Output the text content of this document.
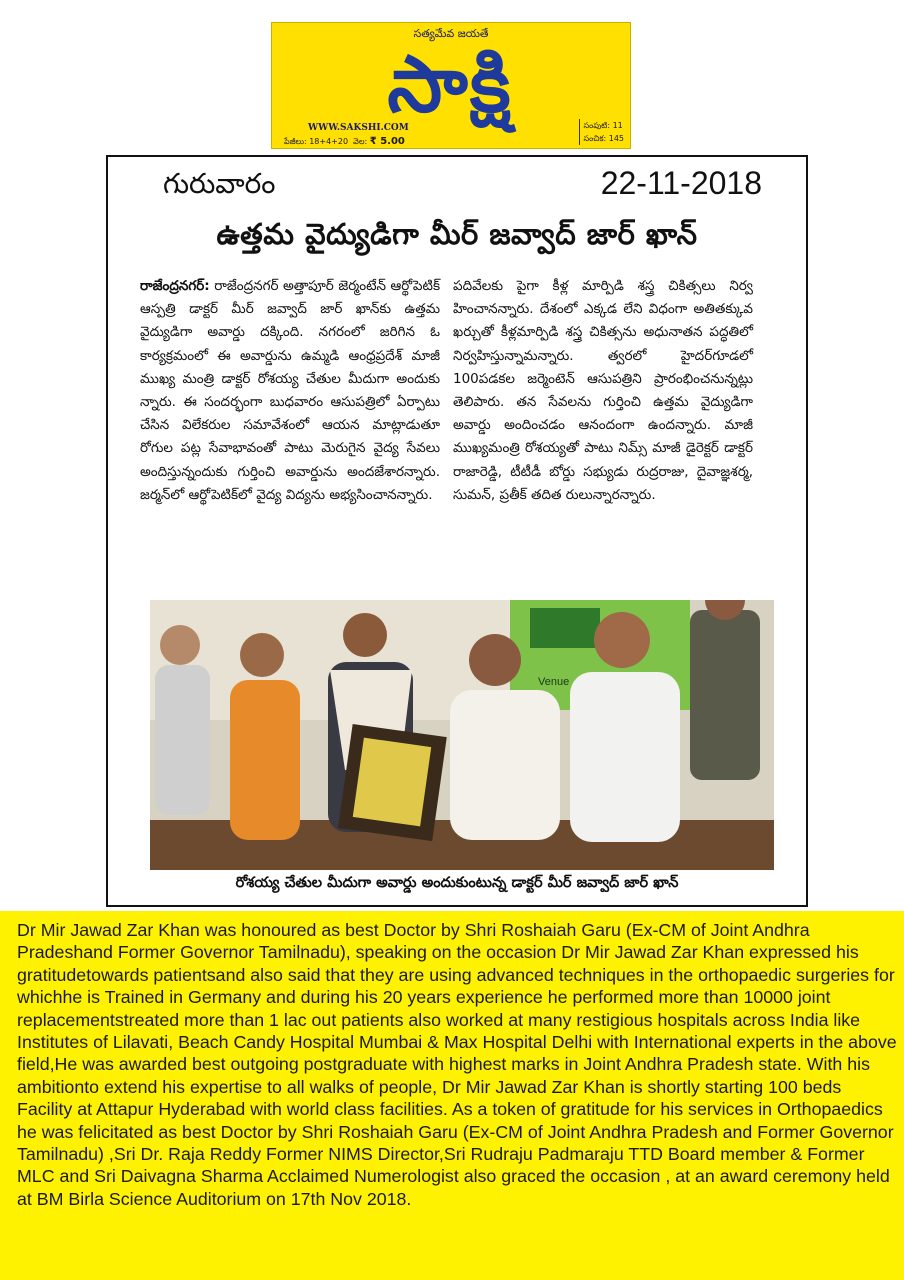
సత్యమేవ జయతే
సాక్షి
WWW.SAKSHI.COM
పేజీలు: 18+4+20 వెల: ₹ 5.00
సంపుటి: 11
సంచిక: 145
గురువారం	22-11-2018
ఉత్తమ వైద్యుడిగా మీర్ జవ్వాద్ జార్ ఖాన్
రాజేంద్రనగర్: రాజేంద్రనగర్ అత్తాపూర్ జెర్మంటేన్ ఆర్థోపెటిక్ ఆస్పత్రి డాక్టర్ మీర్ జవ్వాద్ జార్ ఖాన్‌కు ఉత్తమ వైద్యుడిగా అవార్డు దక్కింది. నగరంలో జరిగిన ఓ కార్యక్రమంలో ఈ అవార్డును ఉమ్మడి ఆంధ్రప్రదేశ్ మాజీ ముఖ్య మంత్రి డాక్టర్ రోశయ్య చేతుల మీదుగా అందుకు న్నారు. ఈ సందర్భంగా బుధవారం ఆసుపత్రిలో ఏర్పాటు చేసిన విలేకరుల సమావేశంలో ఆయన మాట్లాడుతూ రోగుల పట్ల సేవాభావంతో పాటు మెరుగైన వైద్య సేవలు అందిస్తున్నందుకు గుర్తించి అవార్డును అందజేశారన్నారు. జర్మన్‌లో ఆర్థోపెటిక్‌లో వైద్య విద్యను అభ్యసించానన్నారు.
పదివేలకు పైగా కీళ్ల మార్పిడి శస్త్ర చికిత్సలు నిర్వ హించానన్నారు. దేశంలో ఎక్కడ లేని విధంగా అతితక్కువ ఖర్చుతో కీళ్లమార్పిడి శస్త్ర చికిత్సను అధునాతన పద్ధతిలో నిర్వహిస్తున్నామన్నారు. త్వరలో హైదర్‌గూడలో 100పడకల జర్మెంటెన్ ఆసుపత్రిని ప్రారంభించనున్నట్లు తెలిపారు. తన సేవలను గుర్తించి ఉత్తమ వైద్యుడిగా అవార్డు అందించడం ఆనందంగా ఉందన్నారు. మాజీ ముఖ్యమంత్రి రోశయ్యతో పాటు నిమ్స్ మాజీ డైరెక్టర్ డాక్టర్ రాజారెడ్డి, టీటీడీ బోర్డు సభ్యుడు రుద్రరాజు, దైవాజ్ఞశర్మ, సుమన్, ప్రతీక్ తదిత రులున్నారన్నారు.
Venue
రోశయ్య చేతుల మీదుగా అవార్డు అందుకుంటున్న డాక్టర్ మీర్ జవ్వాద్ జార్ ఖాన్
Dr Mir Jawad Zar Khan was honoured as best Doctor by Shri Roshaiah Garu (Ex-CM of Joint Andhra Pradeshand Former Governor Tamilnadu), speaking on the occasion Dr Mir Jawad Zar Khan expressed his gratitudetowards patientsand also said that they are using advanced techniques in the orthopaedic surgeries for whichhe is Trained in Germany and during his 20 years experience he performed more than 10000 joint replacementstreated more than 1 lac out patients also worked at many restigious hospitals across India like Institutes of Lilavati, Beach Candy Hospital Mumbai & Max Hospital Delhi with International experts in the above field,He was awarded best outgoing postgraduate with highest marks in Joint Andhra Pradesh state. With his ambitionto extend his expertise to all walks of people, Dr Mir Jawad Zar Khan is shortly starting 100 beds Facility at Attapur Hyderabad with world class facilities. As a token of gratitude for his services in Orthopaedics he was felicitated as best Doctor by Shri Roshaiah Garu (Ex-CM of Joint Andhra Pradesh and Former Governor Tamilnadu) ,Sri Dr. Raja Reddy Former NIMS Director,Sri Rudraju Padmaraju TTD Board member & Former MLC and Sri Daivagna Sharma Acclaimed Numerologist also graced the occasion , at an award ceremony held at BM Birla Science Auditorium on 17th Nov 2018.
